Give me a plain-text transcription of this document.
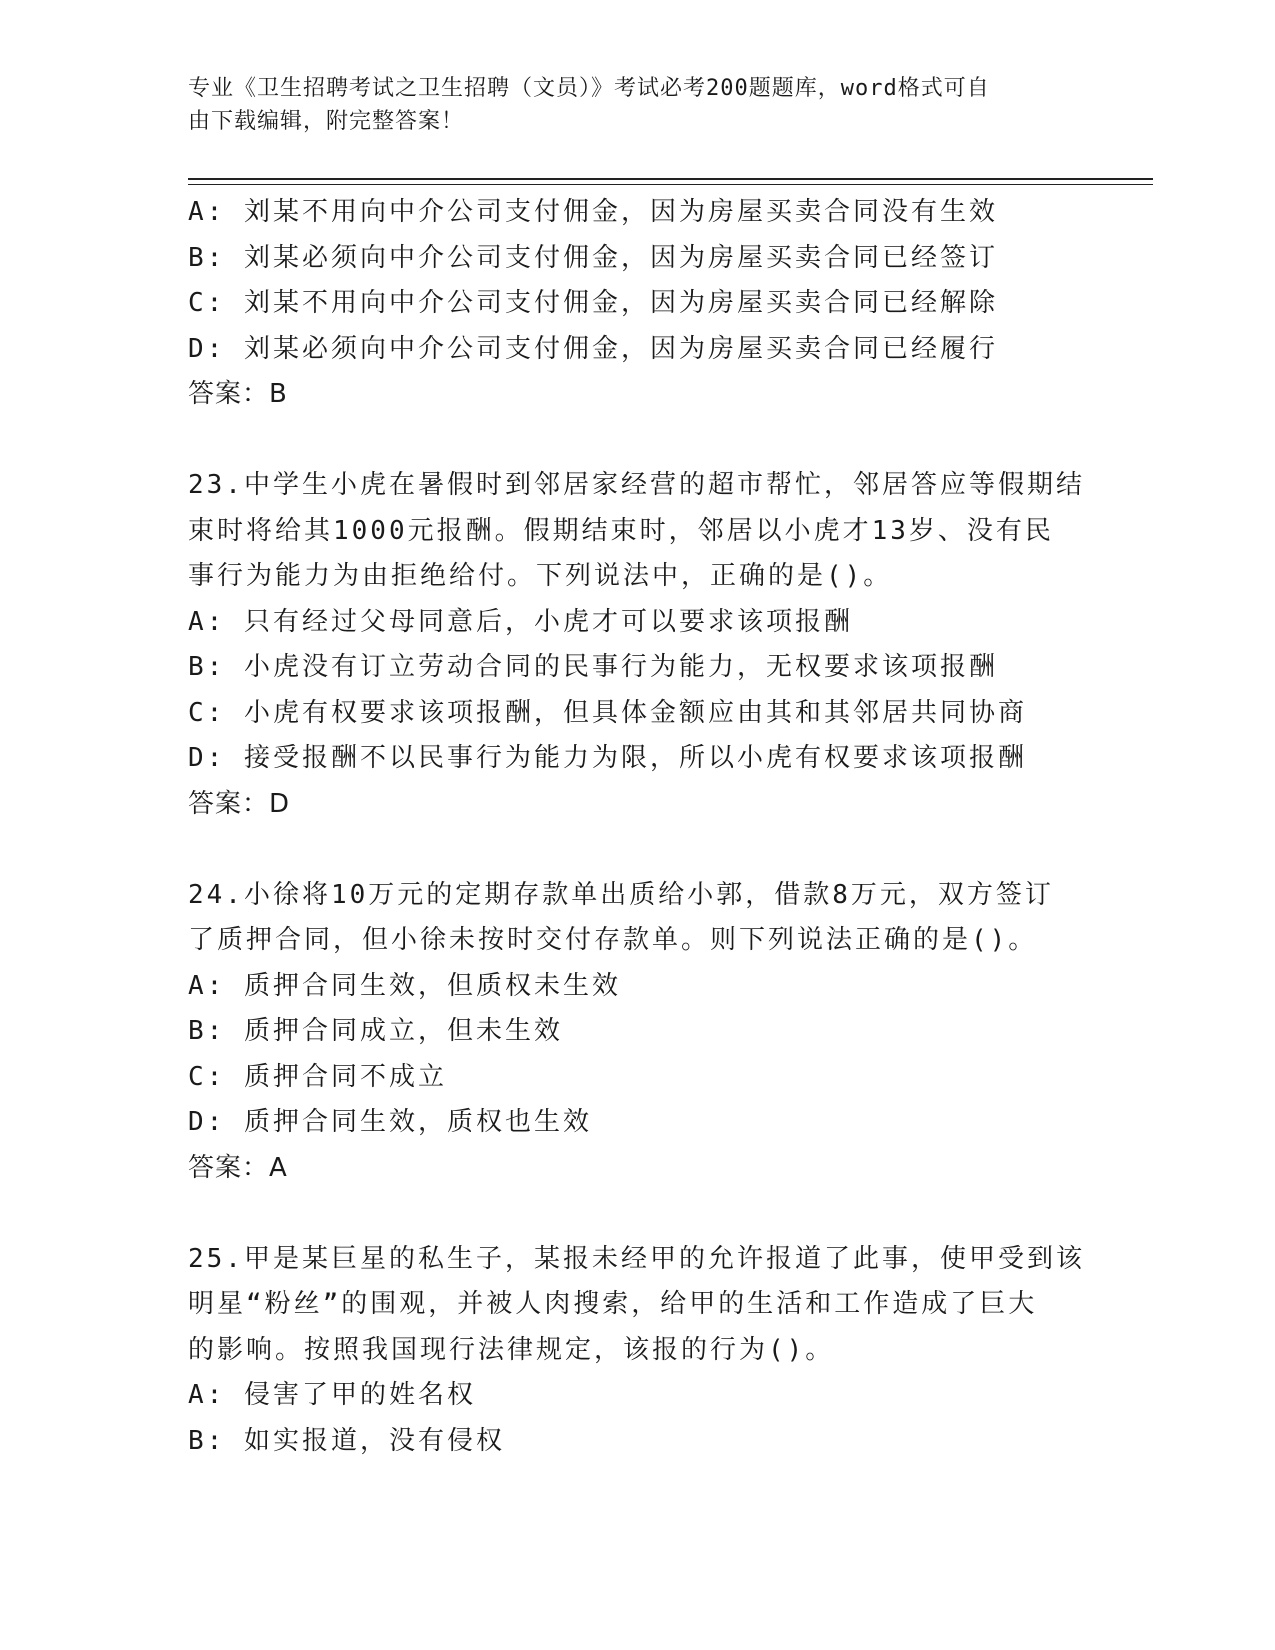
专业《卫生招聘考试之卫生招聘（文员）》考试必考200题题库，word格式可自
由下载编辑，附完整答案！
A: 刘某不用向中介公司支付佣金，因为房屋买卖合同没有生效
B: 刘某必须向中介公司支付佣金，因为房屋买卖合同已经签订
C: 刘某不用向中介公司支付佣金，因为房屋买卖合同已经解除
D: 刘某必须向中介公司支付佣金，因为房屋买卖合同已经履行
答案：B
23.中学生小虎在暑假时到邻居家经营的超市帮忙，邻居答应等假期结
束时将给其1000元报酬。假期结束时，邻居以小虎才13岁、没有民
事行为能力为由拒绝给付。下列说法中，正确的是()。
A: 只有经过父母同意后，小虎才可以要求该项报酬
B: 小虎没有订立劳动合同的民事行为能力，无权要求该项报酬
C: 小虎有权要求该项报酬，但具体金额应由其和其邻居共同协商
D: 接受报酬不以民事行为能力为限，所以小虎有权要求该项报酬
答案：D
24.小徐将10万元的定期存款单出质给小郭，借款8万元，双方签订
了质押合同，但小徐未按时交付存款单。则下列说法正确的是()。
A: 质押合同生效，但质权未生效
B: 质押合同成立，但未生效
C: 质押合同不成立
D: 质押合同生效，质权也生效
答案：A
25.甲是某巨星的私生子，某报未经甲的允许报道了此事，使甲受到该
明星“粉丝”的围观，并被人肉搜索，给甲的生活和工作造成了巨大
的影响。按照我国现行法律规定，该报的行为()。
A: 侵害了甲的姓名权
B: 如实报道，没有侵权
